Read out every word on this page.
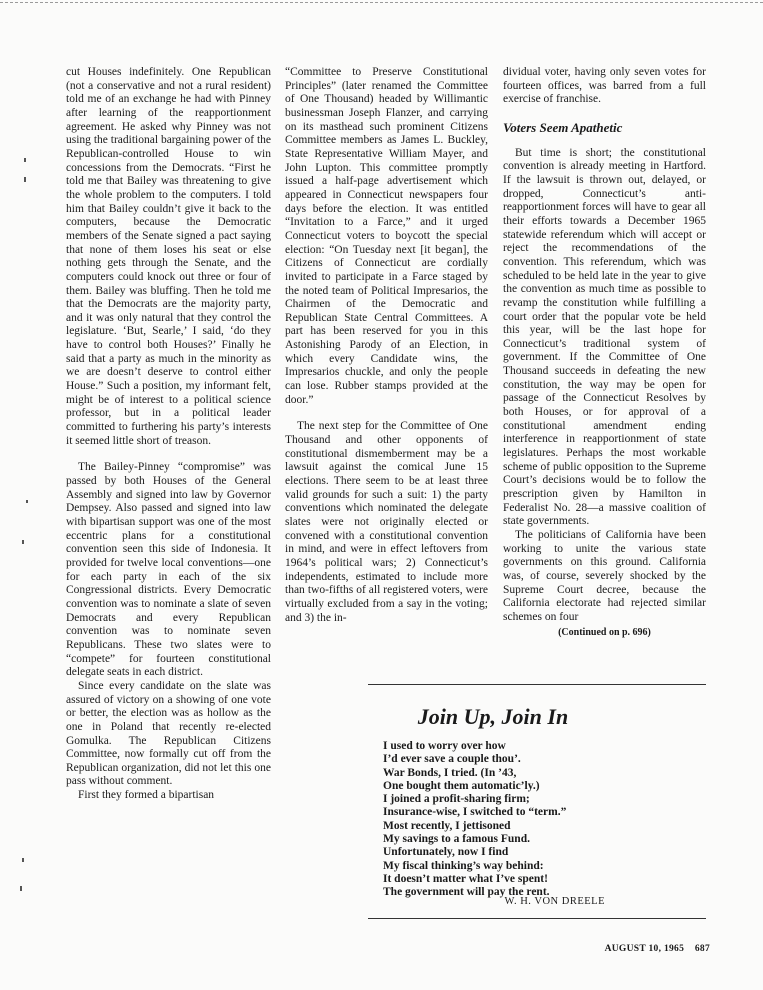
cut Houses indefinitely. One Republican (not a conservative and not a rural resident) told me of an exchange he had with Pinney after learning of the reapportionment agreement. He asked why Pinney was not using the traditional bargaining power of the Republican-controlled House to win concessions from the Democrats. “First he told me that Bailey was threatening to give the whole problem to the computers. I told him that Bailey couldn’t give it back to the computers, because the Democratic members of the Senate signed a pact saying that none of them loses his seat or else nothing gets through the Senate, and the computers could knock out three or four of them. Bailey was bluffing. Then he told me that the Democrats are the majority party, and it was only natural that they control the legislature. ‘But, Searle,’ I said, ‘do they have to control both Houses?’ Finally he said that a party as much in the minority as we are doesn’t deserve to control either House.” Such a position, my informant felt, might be of interest to a political science professor, but in a political leader committed to furthering his party’s interests it seemed little short of treason.

The Bailey-Pinney “compromise” was passed by both Houses of the General Assembly and signed into law by Governor Dempsey. Also passed and signed into law with bipartisan support was one of the most eccentric plans for a constitutional convention seen this side of Indonesia. It provided for twelve local conventions—one for each party in each of the six Congressional districts. Every Democratic convention was to nominate a slate of seven Democrats and every Republican convention was to nominate seven Republicans. These two slates were to “compete” for fourteen constitutional delegate seats in each district.

Since every candidate on the slate was assured of victory on a showing of one vote or better, the election was as hollow as the one in Poland that recently re-elected Gomulka. The Republican Citizens Committee, now formally cut off from the Republican organization, did not let this one pass without comment.

First they formed a bipartisan

“Committee to Preserve Constitutional Principles” (later renamed the Committee of One Thousand) headed by Willimantic businessman Joseph Flanzer, and carrying on its masthead such prominent Citizens Committee members as James L. Buckley, State Representative William Mayer, and John Lupton. This committee promptly issued a half-page advertisement which appeared in Connecticut newspapers four days before the election. It was entitled “Invitation to a Farce,” and it urged Connecticut voters to boycott the special election: “On Tuesday next [it began], the Citizens of Connecticut are cordially invited to participate in a Farce staged by the noted team of Political Impresarios, the Chairmen of the Democratic and Republican State Central Committees. A part has been reserved for you in this Astonishing Parody of an Election, in which every Candidate wins, the Impresarios chuckle, and only the people can lose. Rubber stamps provided at the door.”

The next step for the Committee of One Thousand and other opponents of constitutional dismemberment may be a lawsuit against the comical June 15 elections. There seem to be at least three valid grounds for such a suit: 1) the party conventions which nominated the delegate slates were not originally elected or convened with a constitutional convention in mind, and were in effect leftovers from 1964’s political wars; 2) Connecticut’s independents, estimated to include more than two-fifths of all registered voters, were virtually excluded from a say in the voting; and 3) the in-

dividual voter, having only seven votes for fourteen offices, was barred from a full exercise of franchise.

Voters Seem Apathetic

But time is short; the constitutional convention is already meeting in Hartford. If the lawsuit is thrown out, delayed, or dropped, Connecticut’s anti-reapportionment forces will have to gear all their efforts towards a December 1965 statewide referendum which will accept or reject the recommendations of the convention. This referendum, which was scheduled to be held late in the year to give the convention as much time as possible to revamp the constitution while fulfilling a court order that the popular vote be held this year, will be the last hope for Connecticut’s traditional system of government. If the Committee of One Thousand succeeds in defeating the new constitution, the way may be open for passage of the Connecticut Resolves by both Houses, or for approval of a constitutional amendment ending interference in reapportionment of state legislatures. Perhaps the most workable scheme of public opposition to the Supreme Court’s decisions would be to follow the prescription given by Hamilton in Federalist No. 28—a massive coalition of state governments.

The politicians of California have been working to unite the various state governments on this ground. California was, of course, severely shocked by the Supreme Court decree, because the California electorate had rejected similar schemes on four

(Continued on p. 696)
Join Up, Join In
I used to worry over how
I’d ever save a couple thou’.
War Bonds, I tried. (In ’43,
One bought them automatic’ly.)
I joined a profit-sharing firm;
Insurance-wise, I switched to “term.”
Most recently, I jettisoned
My savings to a famous Fund.
Unfortunately, now I find
My fiscal thinking’s way behind:
It doesn’t matter what I’ve spent!
The government will pay the rent.
W. H. VON DREELE
AUGUST 10, 1965 687
